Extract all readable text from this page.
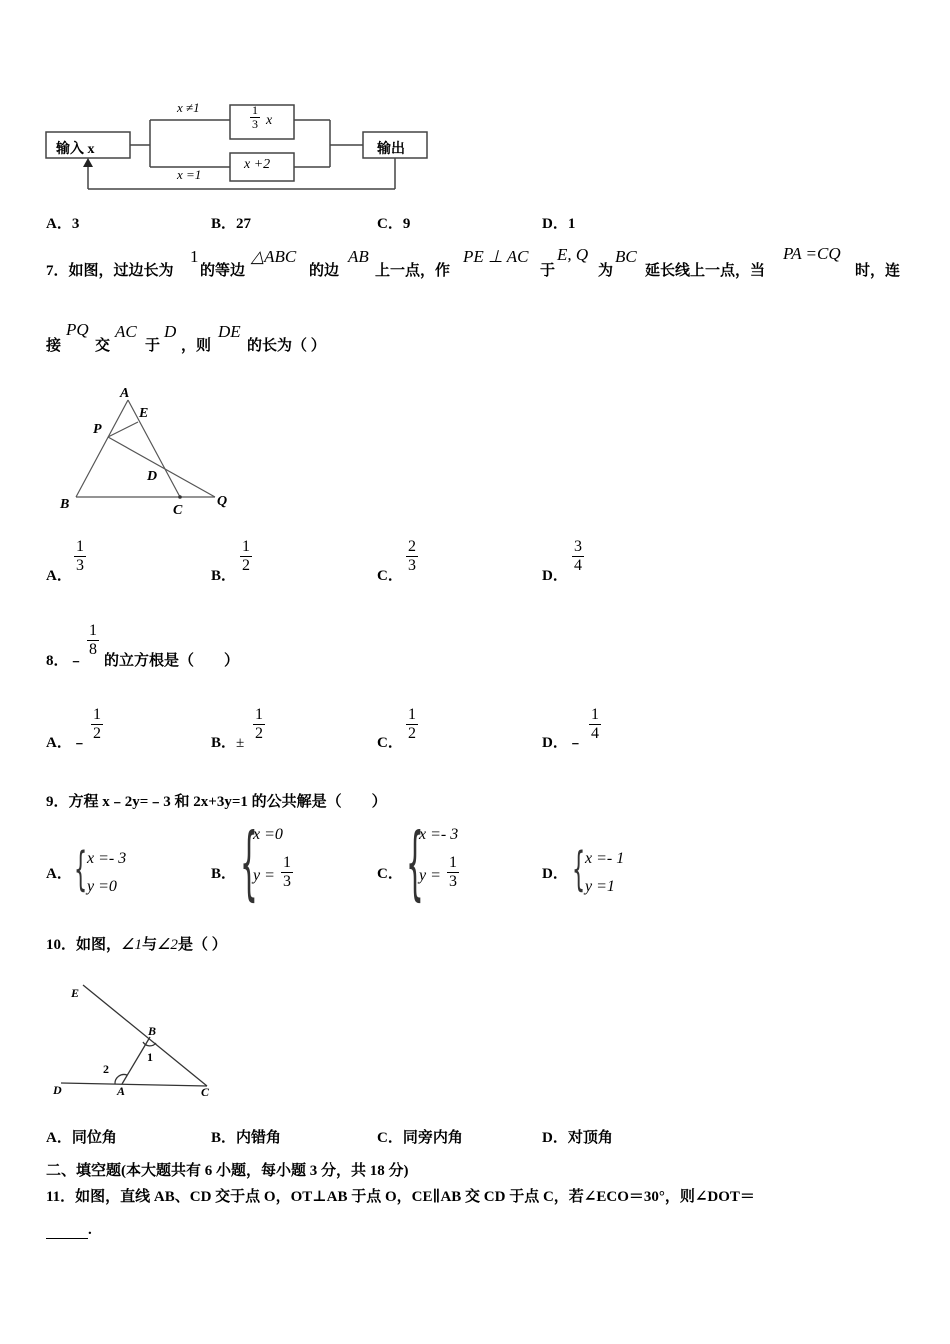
输入 x	输出
x ≠1
x =1
$\frac{1}{3}$ x
x +2
A．3	B．27	C．9	D．1
7．如图，过边长为
1
的等边
△ABC
的边
AB
上一点，作
PE ⊥ AC
于
E, Q
为
BC
延长线上一点，当
PA =CQ
时，连
接
PQ
交
AC
于
D
，则
DE
的长为（ ）
A
E
P
D
B	C
Q
A．
$\frac{1}{3}$
B．
$\frac{1}{2}$
C．
$\frac{2}{3}$
D．
$\frac{3}{4}$
8．﹣
$\frac{1}{8}$
的立方根是（　　）
A．﹣ $\frac{1}{2}$	B．± $\frac{1}{2}$	C． $\frac{1}{2}$	D．﹣ $\frac{1}{4}$
9．方程 x﹣2y=﹣3 和 2x+3y=1 的公共解是（　　）
A． { x =- 3
y =0
B． {
x =0
$y = \frac{1}{3}$	C． {
x =- 3
$y = \frac{1}{3}$	D． { x =- 1
y =1
10．如图，∠1与∠2是（ ）
E
B
1
2
D	A	C
A．同位角	B．内错角	C．同旁内角	D．对顶角
二、填空题(本大题共有 6 小题，每小题 3 分，共 18 分)
11．如图，直线 AB、CD 交于点 O，OT⊥AB 于点 O，CE∥AB 交 CD 于点 C，若∠ECO＝30°，则∠DOT＝
.
